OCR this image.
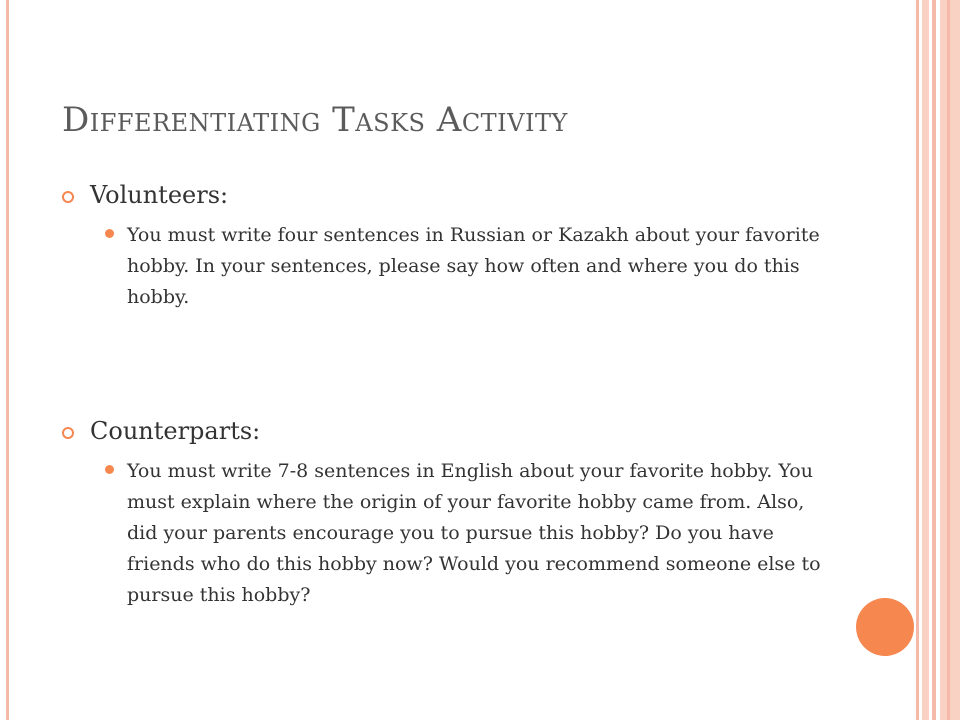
Differentiating Tasks Activity
Volunteers:
You must write four sentences in Russian or Kazakh about your favorite hobby. In your sentences, please say how often and where you do this hobby.
Counterparts:
You must write 7-8 sentences in English about your favorite hobby. You must explain where the origin of your favorite hobby came from. Also, did your parents encourage you to pursue this hobby? Do you have friends who do this hobby now? Would you recommend someone else to pursue this hobby?
